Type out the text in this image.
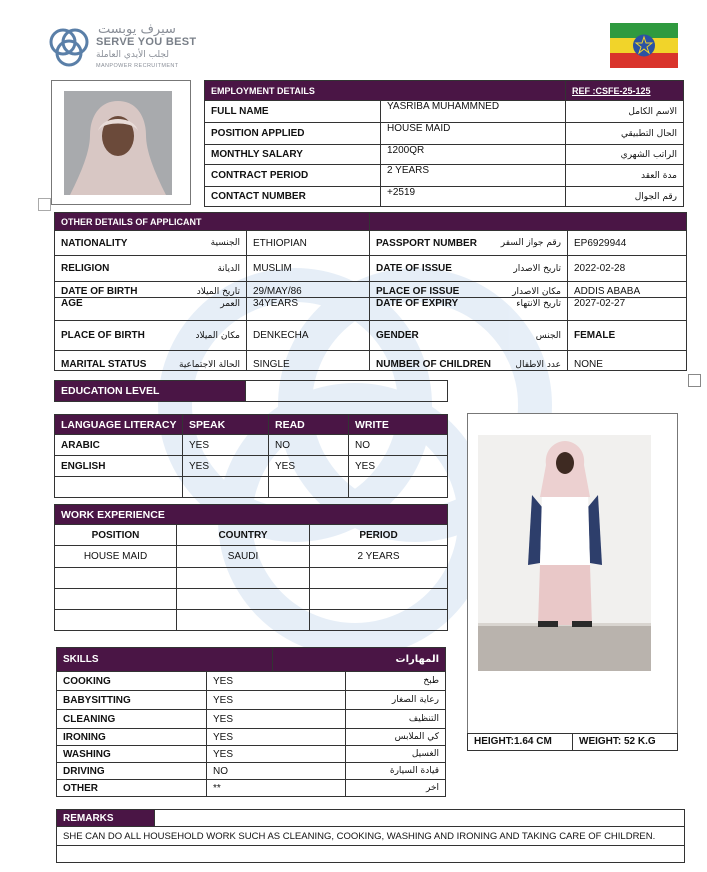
سيرف يوبست
SERVE YOU BEST
لجلب الأيدي العاملة
MANPOWER RECRUITMENT
EMPLOYMENT DETAILS		REF :CSFE-25-125
FULL NAME	YASRIBA MUHAMMNED	الاسم الكامل
POSITION APPLIED	HOUSE MAID	الحال التطبيقي
MONTHLY SALARY	1200QR	الراتب الشهري
CONTRACT PERIOD	2 YEARS	مدة العقد
CONTACT NUMBER	+2519	رقم الجوال
OTHER DETAILS OF APPLICANT			

NATIONALITY الجنسية	ETHIOPIAN	PASSPORT NUMBER رقم جواز السفر	EP6929944

RELIGION الديانة	MUSLIM	DATE OF ISSUE تاريخ الاصدار	2022-02-28

DATE OF BIRTH تاريخ الميلاد	29/MAY/86	PLACE OF ISSUE مكان الاصدار	ADDIS ABABA

AGE العمر	34YEARS	DATE OF EXPIRY تاريخ الانتهاء	2027-02-27

PLACE OF BIRTH مكان الميلاد	DENKECHA	GENDER الجنس	FEMALE

MARITAL STATUS الحالة الاجتماعية	SINGLE	NUMBER OF CHILDREN عدد الاطفال	NONE
EDUCATION LEVEL	
LANGUAGE LITERACY	SPEAK	READ	WRITE
ARABIC	YES	NO	NO
ENGLISH	YES	YES	YES

WORK EXPERIENCE		
POSITION	COUNTRY	PERIOD
HOUSE MAID	SAUDI	2 YEARS

SKILLS		المهارات	
COOKING	YES		طبخ
BABYSITTING	YES		رعاية الصغار
CLEANING	YES		التنظيف
IRONING	YES		كي الملابس
WASHING	YES		الغسيل
DRIVING	NO		قيادة السيارة
OTHER	**		اخر
HEIGHT:1.64 CM	WEIGHT: 52 K.G
REMARKS	
SHE CAN DO ALL HOUSEHOLD WORK SUCH AS CLEANING, COOKING, WASHING AND IRONING AND TAKING CARE OF CHILDREN.
